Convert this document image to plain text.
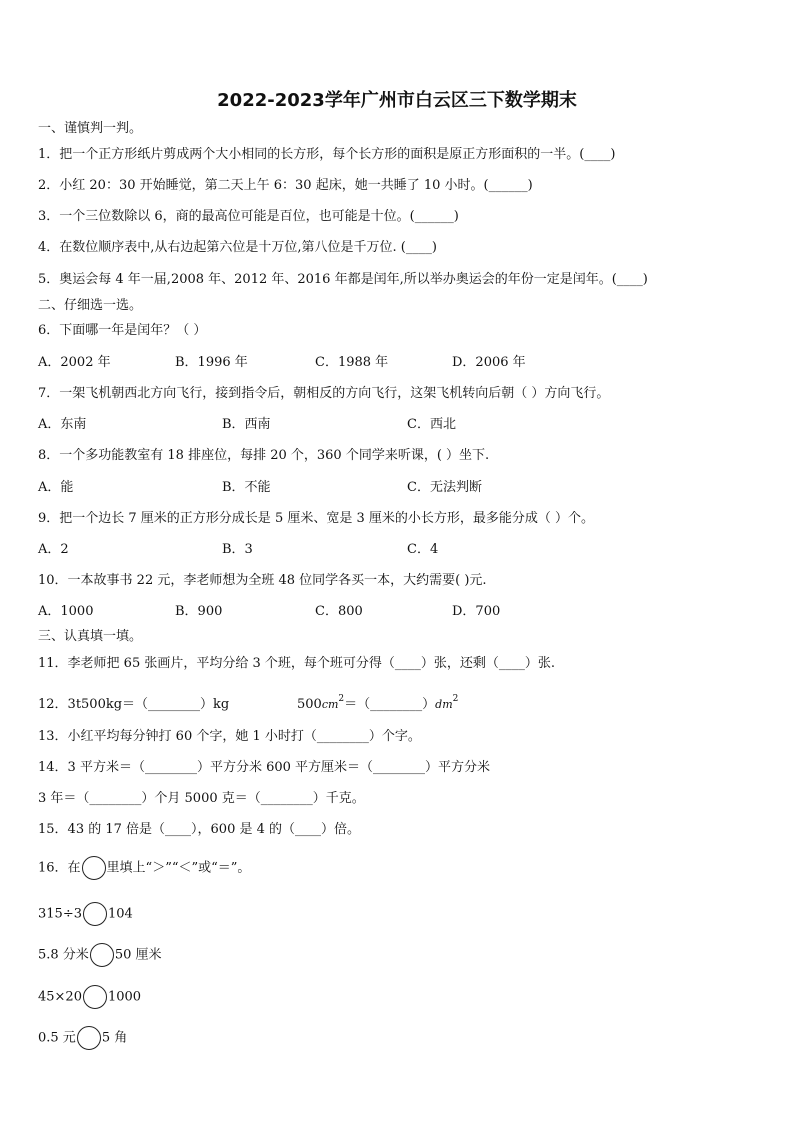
2022-2023学年广州市白云区三下数学期末
一、谨慎判一判。
1．把一个正方形纸片剪成两个大小相同的长方形，每个长方形的面积是原正方形面积的一半。(____)
2．小红 20：30 开始睡觉，第二天上午 6：30 起床，她一共睡了 10 小时。(______)
3．一个三位数除以 6，商的最高位可能是百位，也可能是十位。(______)
4．在数位顺序表中,从右边起第六位是十万位,第八位是千万位. (____)
5．奥运会每 4 年一届,2008 年、2012 年、2016 年都是闰年,所以举办奥运会的年份一定是闰年。(____)
二、仔细选一选。
6．下面哪一年是闰年？（ ）
A．2002 年	B．1996 年	C．1988 年	D．2006 年
7．一架飞机朝西北方向飞行，接到指令后，朝相反的方向飞行，这架飞机转向后朝（ ）方向飞行。
A．东南	B．西南	C．西北
8．一个多功能教室有 18 排座位，每排 20 个，360 个同学来听课，( ）坐下.
A．能	B．不能	C．无法判断
9．把一个边长 7 厘米的正方形分成长是 5 厘米、宽是 3 厘米的小长方形，最多能分成（ ）个。
A．2	B．3	C．4
10．一本故事书 22 元，李老师想为全班 48 位同学各买一本，大约需要( )元.
A．1000	B．900	C．800	D．700
三、认真填一填。
11．李老师把 65 张画片，平均分给 3 个班，每个班可分得（____）张，还剩（____）张.
12．3t500kg＝（________）kg	$500cm^2=(\_\_\_\_\_\_\_\_)dm^2$
13．小红平均每分钟打 60 个字，她 1 小时打（________）个字。
14．3 平方米＝（________）平方分米 600 平方厘米＝（________）平方分米
3 年＝（________）个月 5000 克＝（________）千克。
15．43 的 17 倍是（____），600 是 4 的（____）倍。
16．在 里填上“＞”“＜”或“＝”。
315÷3 104
5.8 分米 50 厘米
45×20 1000
0.5 元 5 角
